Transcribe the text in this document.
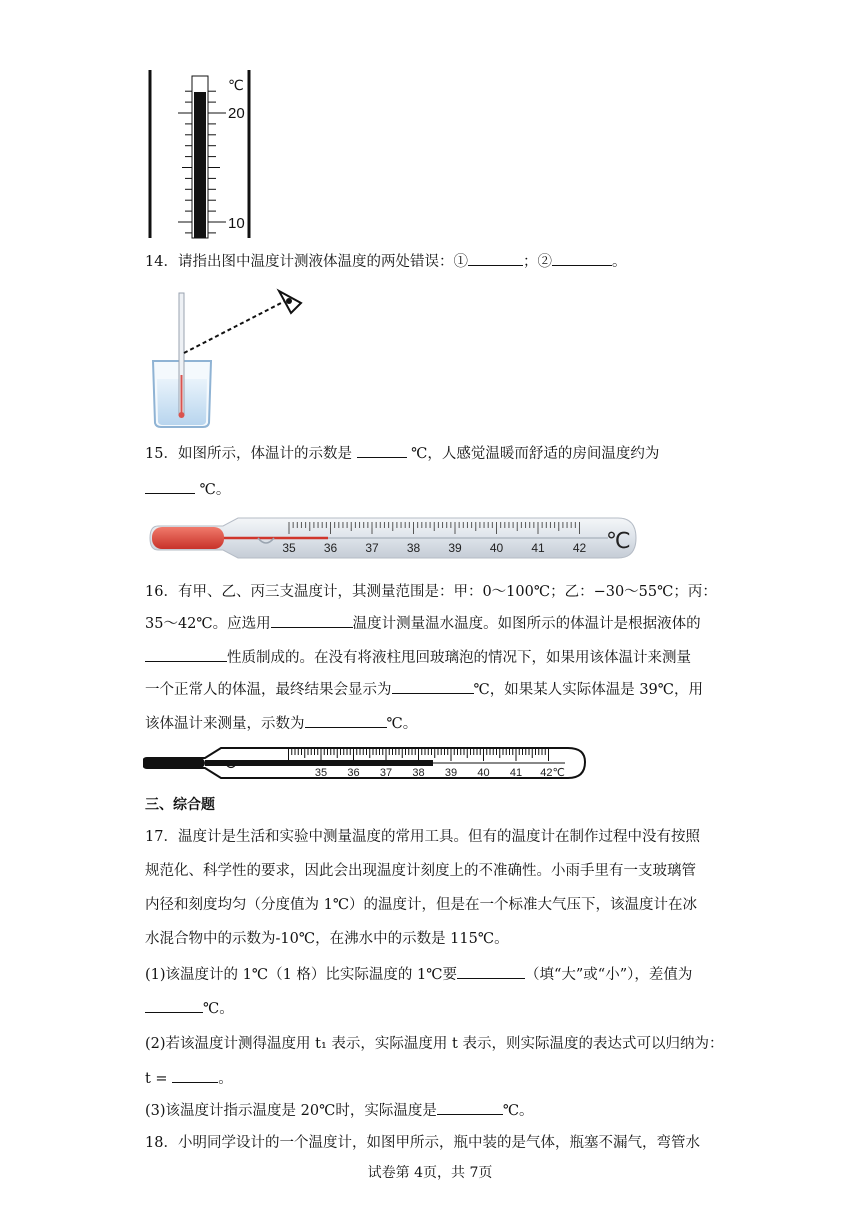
℃
20
10
14．请指出图中温度计测液体温度的两处错误：①	；②	。
15．如图所示，体温计的示数是	℃，人感觉温暖而舒适的房间温度约为
℃。
35 36 37 38 39 40 41 42 ℃
16．有甲、乙、丙三支温度计，其测量范围是：甲：0～100℃；乙：−30～55℃；丙：
35～42℃。应选用	温度计测量温水温度。如图所示的体温计是根据液体的
性质制成的。在没有将液柱甩回玻璃泡的情况下，如果用该体温计来测量
一个正常人的体温，最终结果会显示为	℃，如果某人实际体温是 39℃，用
该体温计来测量，示数为	℃。
35 36 37 38 39 40 41 42℃
三、综合题
17．温度计是生活和实验中测量温度的常用工具。但有的温度计在制作过程中没有按照
规范化、科学性的要求，因此会出现温度计刻度上的不准确性。小雨手里有一支玻璃管
内径和刻度均匀（分度值为 1℃）的温度计，但是在一个标准大气压下，该温度计在冰
水混合物中的示数为-10℃，在沸水中的示数是 115℃。
(1)该温度计的 1℃（1 格）比实际温度的 1℃要	（填“大”或“小”），差值为
℃。
(2)若该温度计测得温度用 t₁ 表示，实际温度用 t 表示，则实际温度的表达式可以归纳为：
t =	。
(3)该温度计指示温度是 20℃时，实际温度是	℃。
18．小明同学设计的一个温度计，如图甲所示，瓶中装的是气体，瓶塞不漏气，弯管水
试卷第 4页，共 7页
